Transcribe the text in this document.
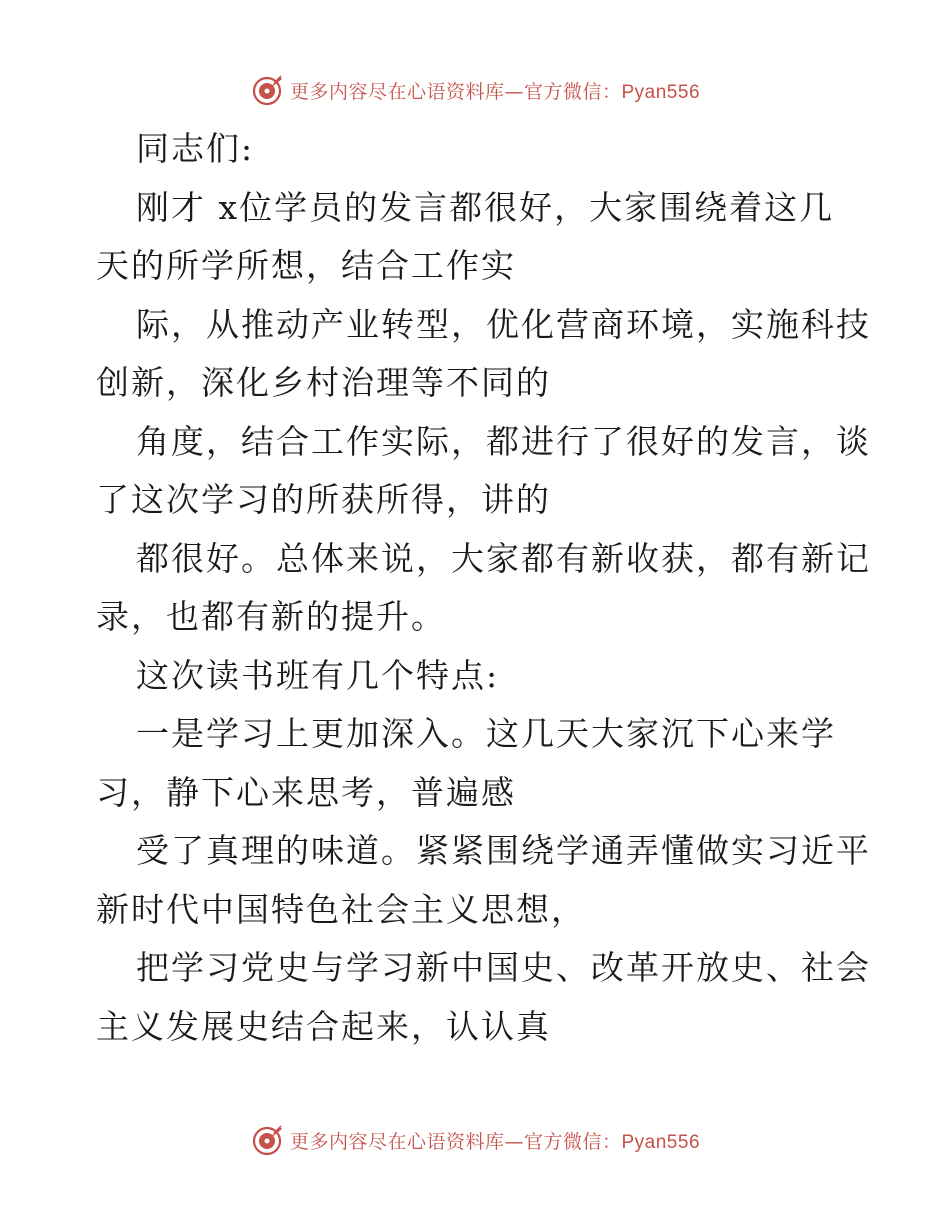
更多内容尽在心语资料库—官方微信：Pyan556
同志们:
刚才 x位学员的发言都很好，大家围绕着这几
天的所学所想，结合工作实
际，从推动产业转型，优化营商环境，实施科技
创新，深化乡村治理等不同的
角度，结合工作实际，都进行了很好的发言，谈
了这次学习的所获所得，讲的
都很好。总体来说，大家都有新收获，都有新记
录，也都有新的提升。
这次读书班有几个特点:
一是学习上更加深入。这几天大家沉下心来学
习，静下心来思考，普遍感
受了真理的味道。紧紧围绕学通弄懂做实习近平
新时代中国特色社会主义思想，
把学习党史与学习新中国史、改革开放史、社会
主义发展史结合起来，认认真
更多内容尽在心语资料库—官方微信：Pyan556
